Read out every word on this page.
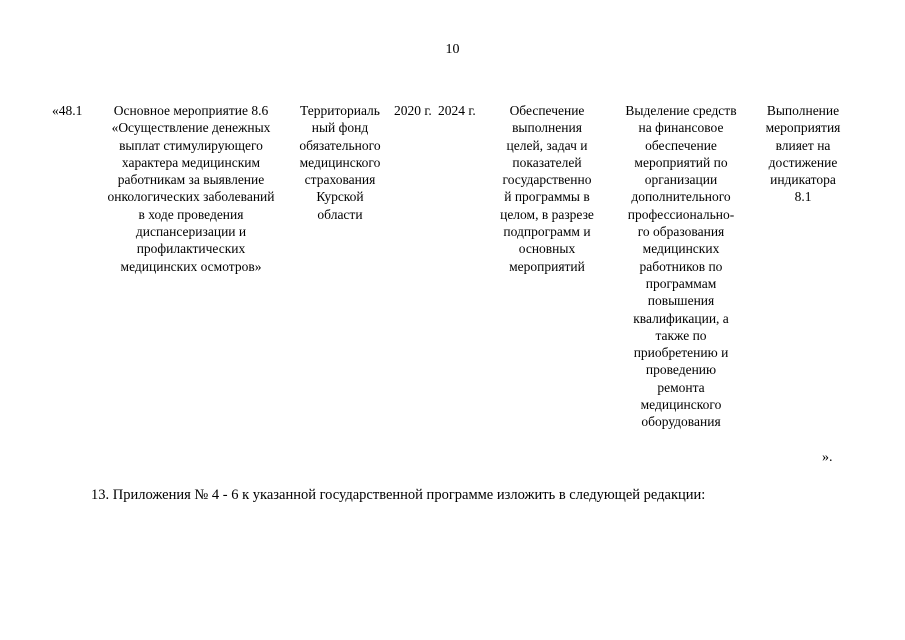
10
«48.1	Основное мероприятие 8.6
«Осуществление денежных
выплат стимулирующего
характера медицинским
работникам за выявление
онкологических заболеваний
в ходе проведения
диспансеризации и
профилактических
медицинских осмотров»
Территориаль
ный фонд
обязательного
медицинского
страхования
Курской
области
2020 г. 2024 г.	Обеспечение
выполнения
целей, задач и
показателей
государственно
й программы в
целом, в разрезе
подпрограмм и
основных
мероприятий
Выделение средств
на финансовое
обеспечение
мероприятий по
организации
дополнительного
профессионально-
го образования
медицинских
работников по
программам
повышения
квалификации, а
также по
приобретению и
проведению
ремонта
медицинского
оборудования
Выполнение
мероприятия
влияет на
достижение
индикатора
8.1
».
13. Приложения № 4 - 6 к указанной государственной программе изложить в следующей редакции:
